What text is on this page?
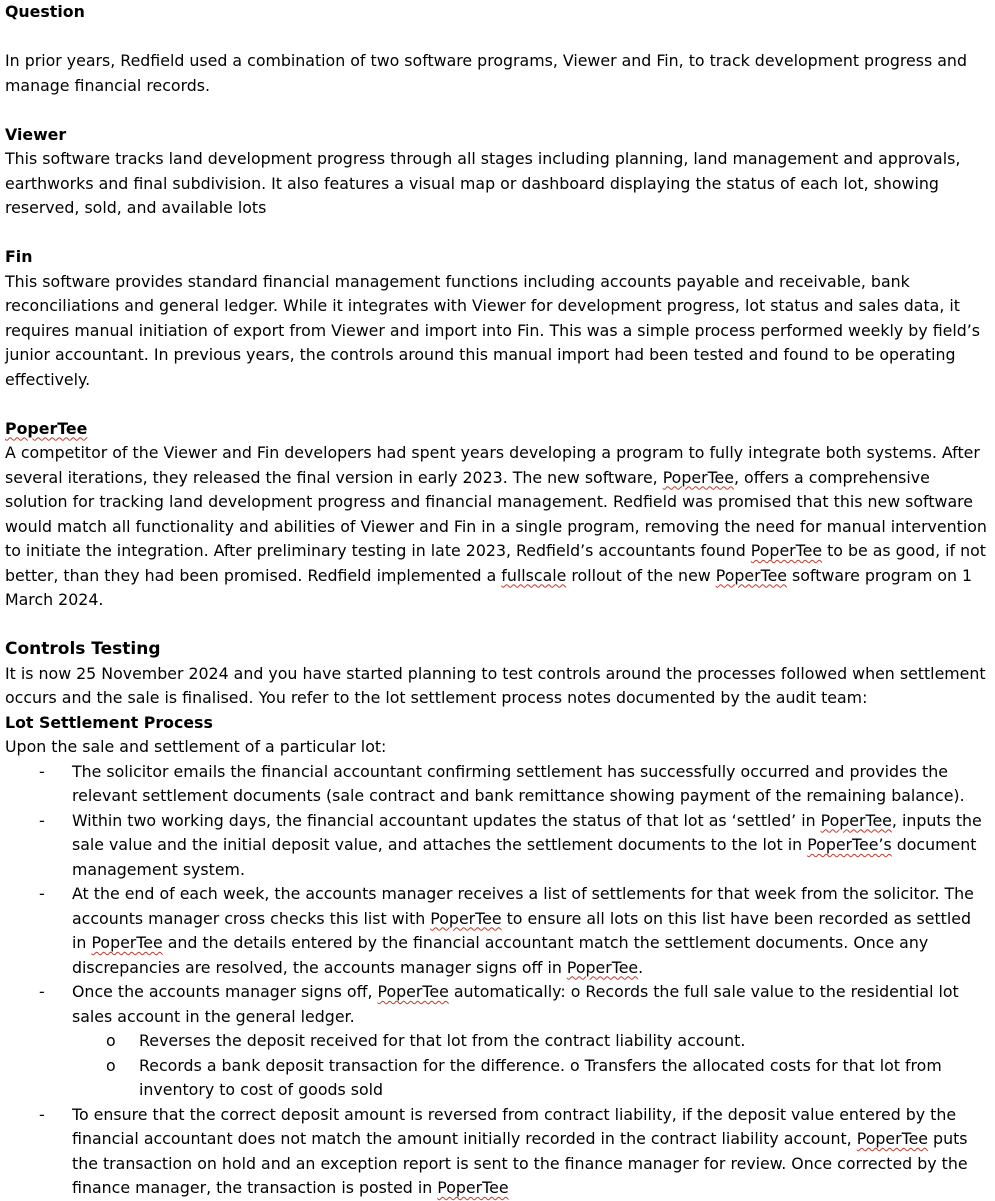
Question

In prior years, Redfield used a combination of two software programs, Viewer and Fin, to track development progress and manage financial records.

Viewer

This software tracks land development progress through all stages including planning, land management and approvals, earthworks and final subdivision. It also features a visual map or dashboard displaying the status of each lot, showing reserved, sold, and available lots

Fin

This software provides standard financial management functions including accounts payable and receivable, bank reconciliations and general ledger. While it integrates with Viewer for development progress, lot status and sales data, it requires manual initiation of export from Viewer and import into Fin. This was a simple process performed weekly by field’s junior accountant. In previous years, the controls around this manual import had been tested and found to be operating effectively.

PoperTee

A competitor of the Viewer and Fin developers had spent years developing a program to fully integrate both systems. After several iterations, they released the final version in early 2023. The new software, PoperTee, offers a comprehensive solution for tracking land development progress and financial management. Redfield was promised that this new software would match all functionality and abilities of Viewer and Fin in a single program, removing the need for manual intervention to initiate the integration. After preliminary testing in late 2023, Redfield’s accountants found PoperTee to be as good, if not better, than they had been promised. Redfield implemented a fullscale rollout of the new PoperTee software program on 1 March 2024.

Controls Testing

It is now 25 November 2024 and you have started planning to test controls around the processes followed when settlement occurs and the sale is finalised. You refer to the lot settlement process notes documented by the audit team:

Lot Settlement Process

Upon the sale and settlement of a particular lot:

- The solicitor emails the financial accountant confirming settlement has successfully occurred and provides the relevant settlement documents (sale contract and bank remittance showing payment of the remaining balance).
- Within two working days, the financial accountant updates the status of that lot as ‘settled’ in PoperTee, inputs the sale value and the initial deposit value, and attaches the settlement documents to the lot in PoperTee’s document management system.
- At the end of each week, the accounts manager receives a list of settlements for that week from the solicitor. The accounts manager cross checks this list with PoperTee to ensure all lots on this list have been recorded as settled in PoperTee and the details entered by the financial accountant match the settlement documents. Once any discrepancies are resolved, the accounts manager signs off in PoperTee.
- Once the accounts manager signs off, PoperTee automatically: o Records the full sale value to the residential lot sales account in the general ledger.
o Reverses the deposit received for that lot from the contract liability account.
o Records a bank deposit transaction for the difference. o Transfers the allocated costs for that lot from inventory to cost of goods sold
- To ensure that the correct deposit amount is reversed from contract liability, if the deposit value entered by the financial accountant does not match the amount initially recorded in the contract liability account, PoperTee puts the transaction on hold and an exception report is sent to the finance manager for review. Once corrected by the finance manager, the transaction is posted in PoperTee
